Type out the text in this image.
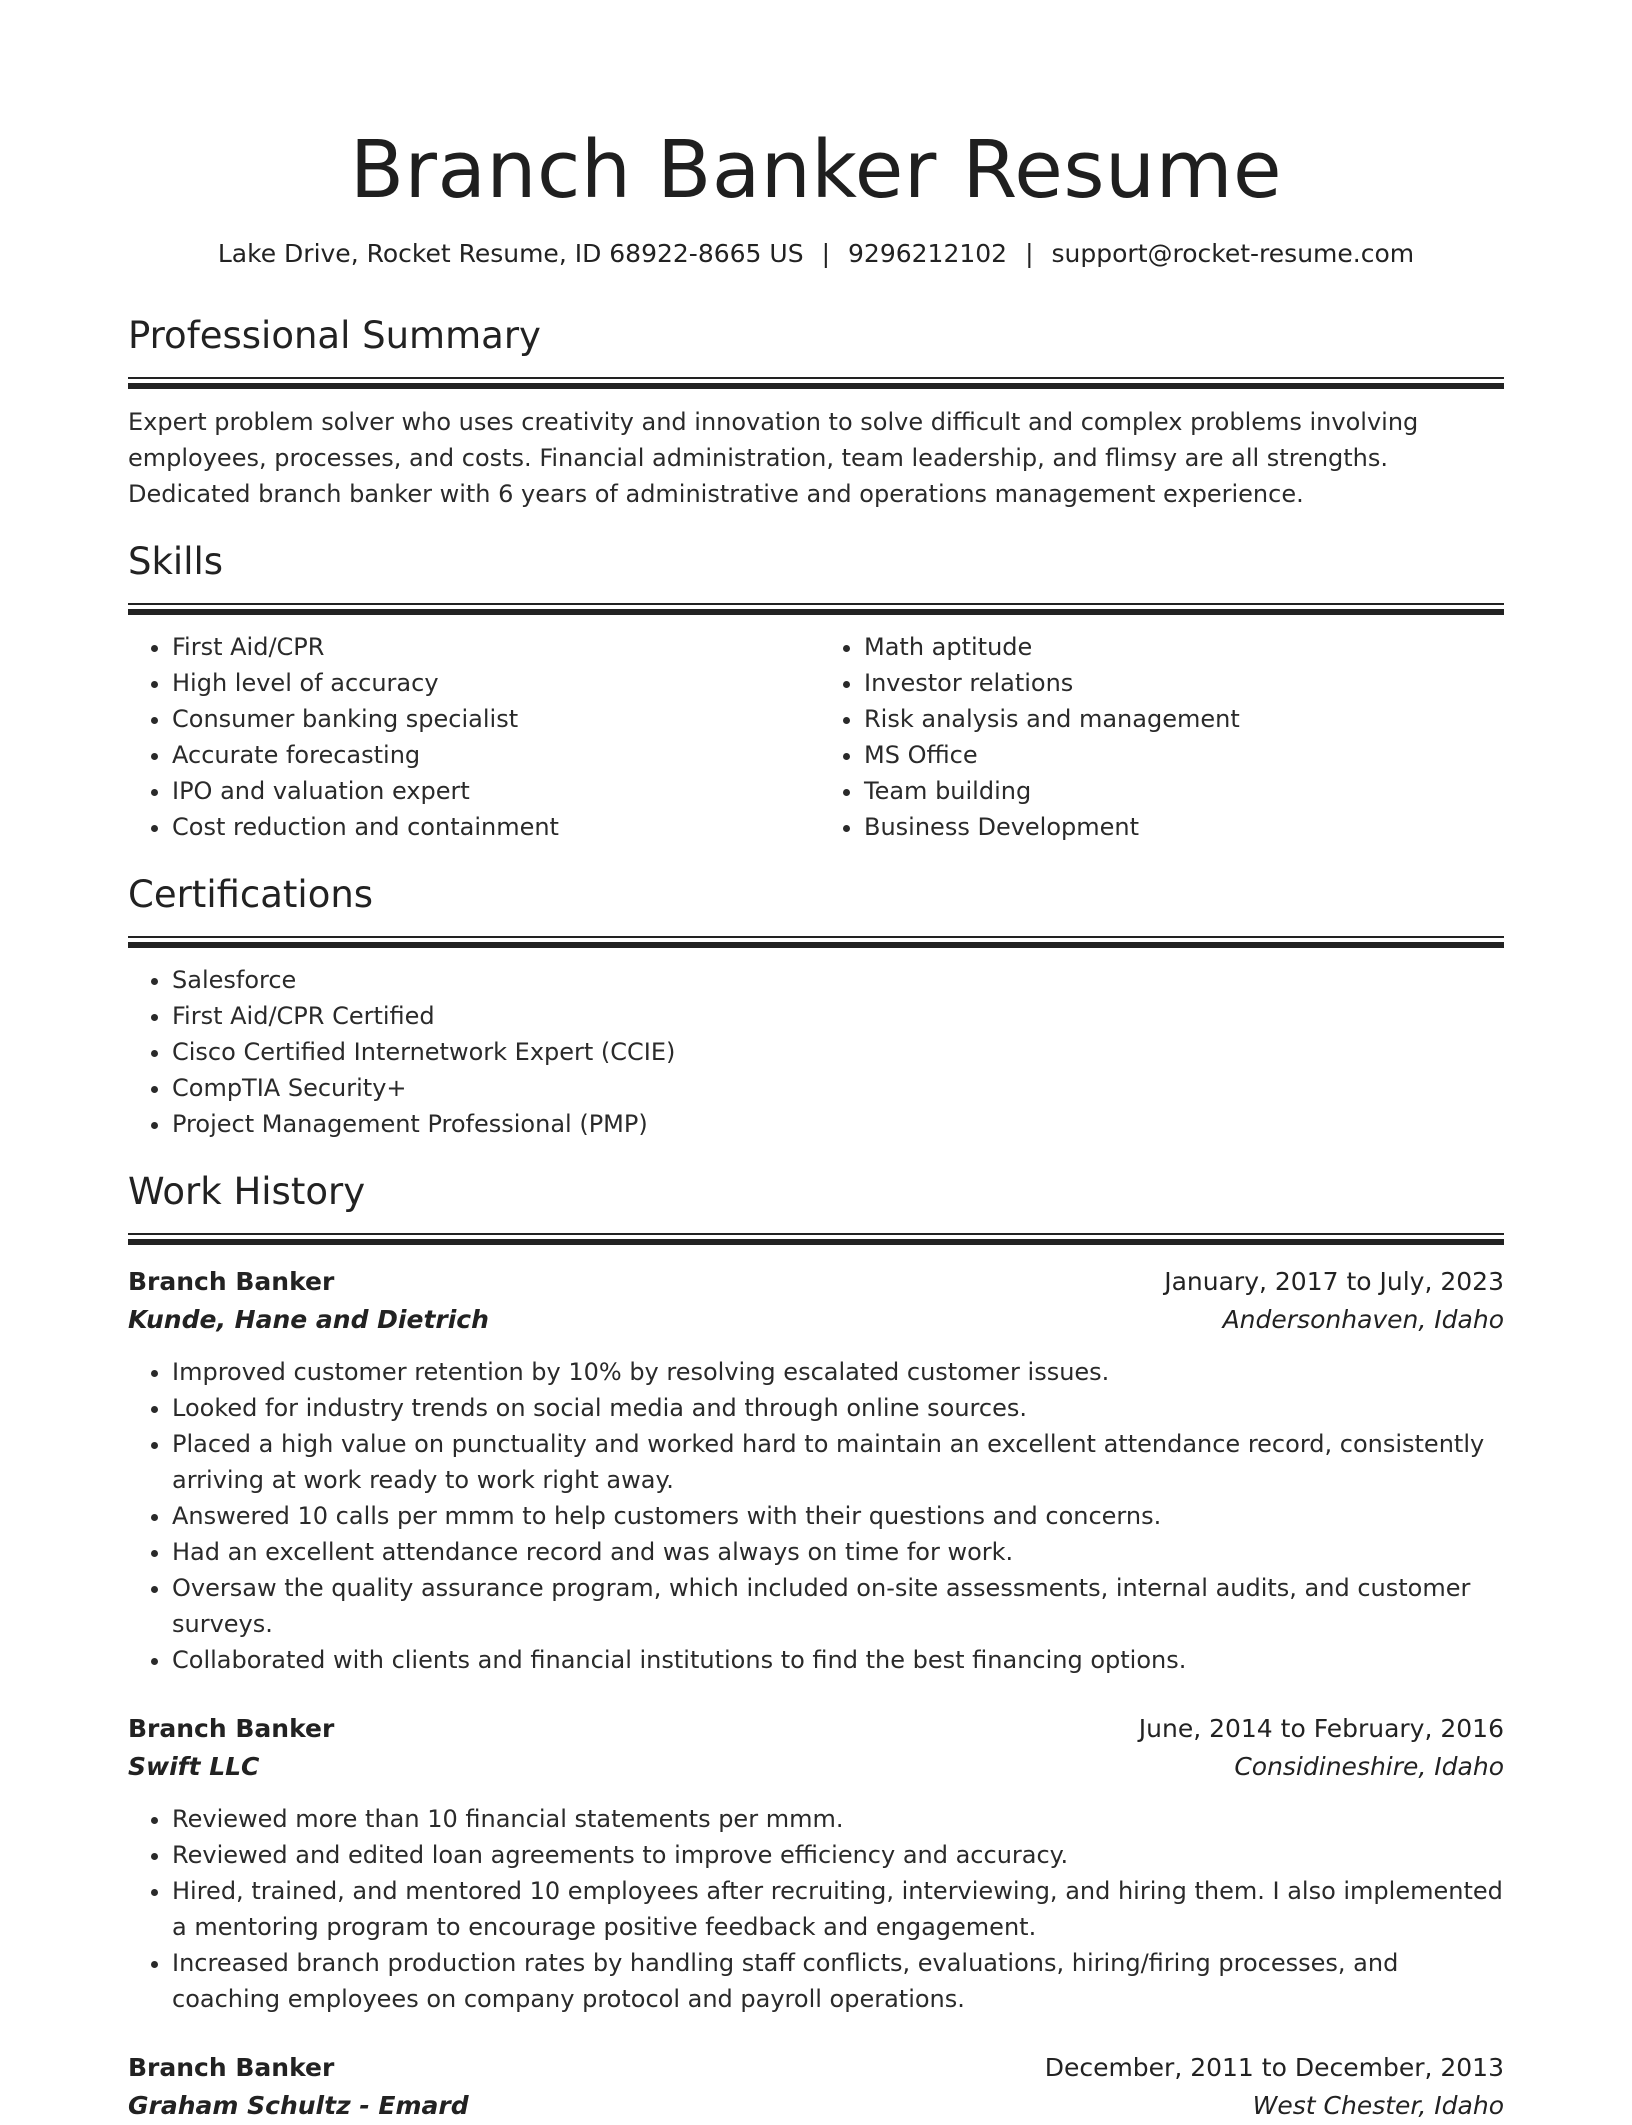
Branch Banker Resume
Lake Drive, Rocket Resume, ID 68922-8665 US | 9296212102 | support@rocket-resume.com
Professional Summary
Expert problem solver who uses creativity and innovation to solve difficult and complex problems involving employees, processes, and costs. Financial administration, team leadership, and flimsy are all strengths. Dedicated branch banker with 6 years of administrative and operations management experience.
Skills
• First Aid/CPR
• High level of accuracy
• Consumer banking specialist
• Accurate forecasting
• IPO and valuation expert
• Cost reduction and containment
• Math aptitude
• Investor relations
• Risk analysis and management
• MS Office
• Team building
• Business Development
Certifications
• Salesforce
• First Aid/CPR Certified
• Cisco Certified Internetwork Expert (CCIE)
• CompTIA Security+
• Project Management Professional (PMP)
Work History
Branch Banker	January, 2017 to July, 2023
Kunde, Hane and Dietrich	Andersonhaven, Idaho
• Improved customer retention by 10% by resolving escalated customer issues.
• Looked for industry trends on social media and through online sources.
• Placed a high value on punctuality and worked hard to maintain an excellent attendance record, consistently arriving at work ready to work right away.
• Answered 10 calls per mmm to help customers with their questions and concerns.
• Had an excellent attendance record and was always on time for work.
• Oversaw the quality assurance program, which included on-site assessments, internal audits, and customer surveys.
• Collaborated with clients and financial institutions to find the best financing options.
Branch Banker	June, 2014 to February, 2016
Swift LLC	Considineshire, Idaho
• Reviewed more than 10 financial statements per mmm.
• Reviewed and edited loan agreements to improve efficiency and accuracy.
• Hired, trained, and mentored 10 employees after recruiting, interviewing, and hiring them. I also implemented a mentoring program to encourage positive feedback and engagement.
• Increased branch production rates by handling staff conflicts, evaluations, hiring/firing processes, and coaching employees on company protocol and payroll operations.
Branch Banker	December, 2011 to December, 2013
Graham Schultz - Emard	West Chester, Idaho
